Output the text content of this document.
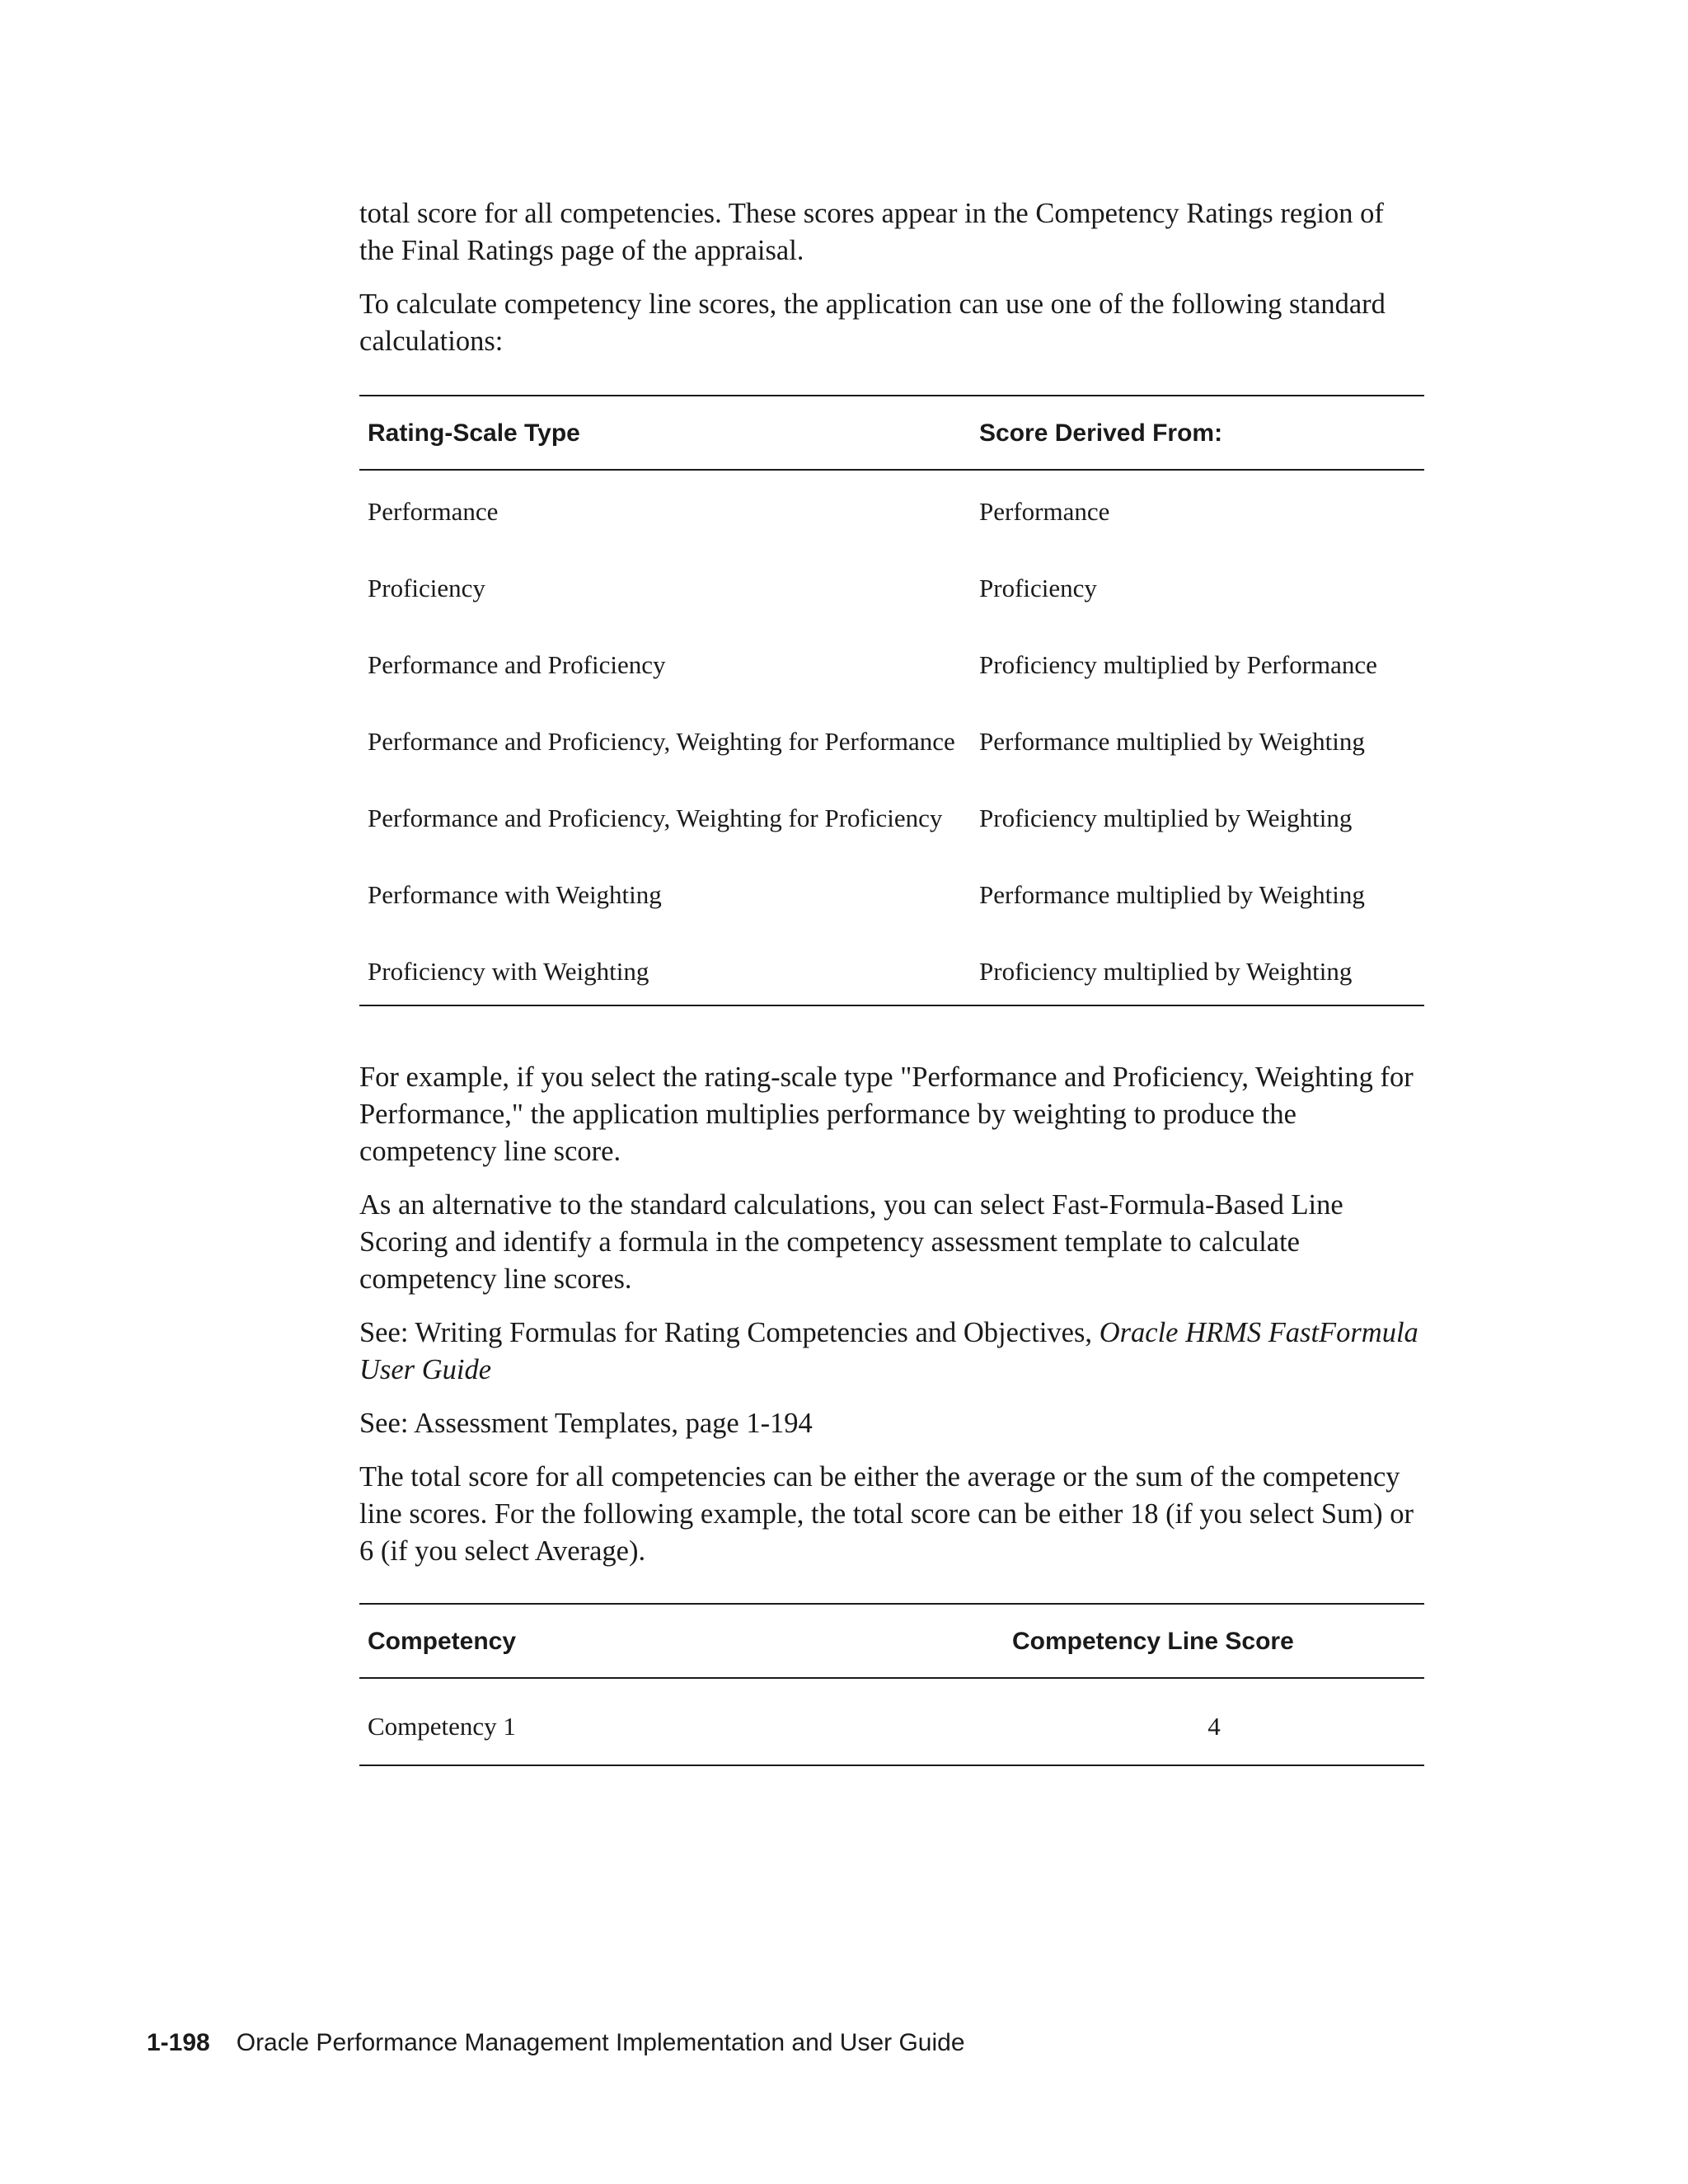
total score for all competencies. These scores appear in the Competency Ratings region of the Final Ratings page of the appraisal.

To calculate competency line scores, the application can use one of the following standard calculations:

Rating-Scale Type	Score Derived From:
Performance	Performance
Proficiency	Proficiency
Performance and Proficiency	Proficiency multiplied by Performance
Performance and Proficiency, Weighting for Performance	Performance multiplied by Weighting
Performance and Proficiency, Weighting for Proficiency	Proficiency multiplied by Weighting
Performance with Weighting	Performance multiplied by Weighting
Proficiency with Weighting	Proficiency multiplied by Weighting

For example, if you select the rating-scale type "Performance and Proficiency, Weighting for Performance," the application multiplies performance by weighting to produce the competency line score.

As an alternative to the standard calculations, you can select Fast-Formula-Based Line Scoring and identify a formula in the competency assessment template to calculate competency line scores.

See: Writing Formulas for Rating Competencies and Objectives, Oracle HRMS FastFormula User Guide

See: Assessment Templates, page 1-194

The total score for all competencies can be either the average or the sum of the competency line scores. For the following example, the total score can be either 18 (if you select Sum) or 6 (if you select Average).

Competency	Competency Line Score
Competency 1	4
1-198 Oracle Performance Management Implementation and User Guide
